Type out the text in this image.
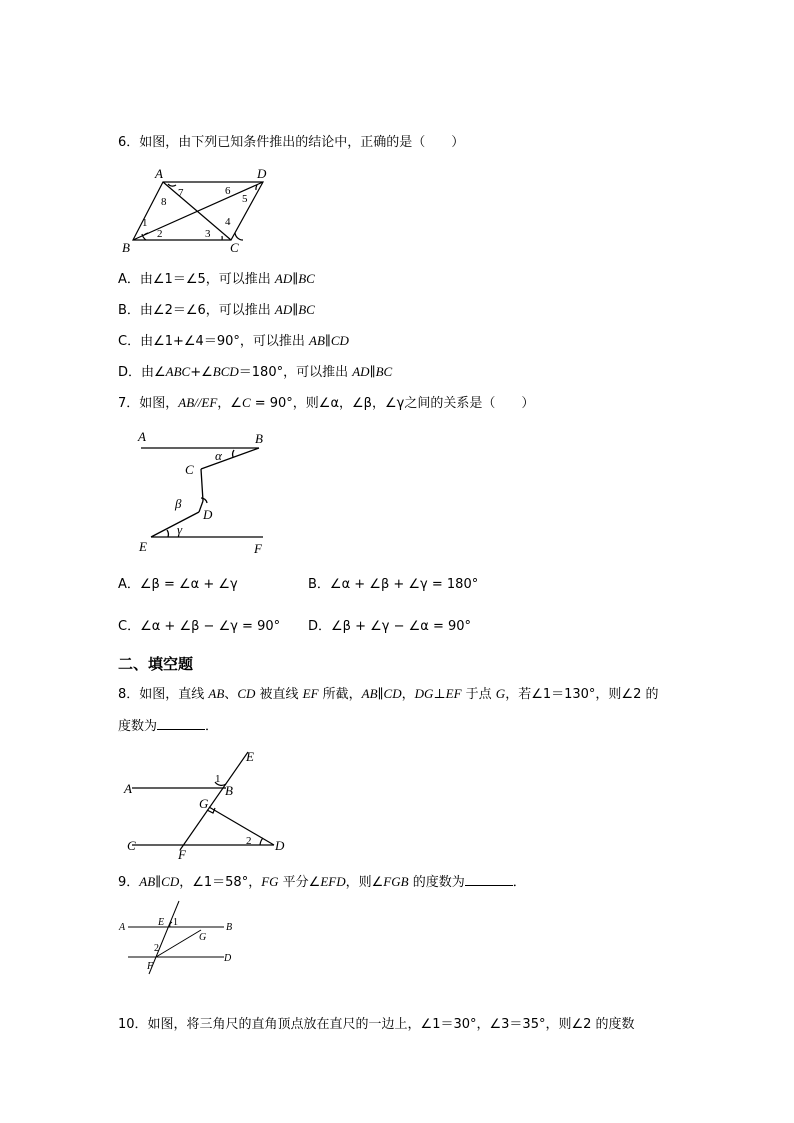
6．如图，由下列已知条件推出的结论中，正确的是（　　）
A	D
B	C
1
2	3
4
5
6
7
8
A．由∠1＝∠5，可以推出 AD∥BC
B．由∠2＝∠6，可以推出 AD∥BC
C．由∠1+∠4＝90°，可以推出 AB∥CD
D．由∠ABC+∠BCD＝180°，可以推出 AD∥BC
7．如图，AB//EF，∠C = 90°，则∠α，∠β，∠γ之间的关系是（　　）
A	B
C
D
E	F
α
β
γ
A．∠β = ∠α + ∠γ	B．∠α + ∠β + ∠γ = 180°
C．∠α + ∠β − ∠γ = 90° D．∠β + ∠γ − ∠α = 90°
二、填空题
8．如图，直线 AB、CD 被直线 EF 所截，AB∥CD，DG⊥EF 于点 G，若∠1＝130°，则∠2 的
度数为	．
E
A	B
G
C	D
F
1
2
9．AB∥CD，∠1＝58°，FG 平分∠EFD，则∠FGB 的度数为	．
A	B
E
G
D
F
1
2
10．如图，将三角尺的直角顶点放在直尺的一边上，∠1＝30°，∠3＝35°，则∠2 的度数
